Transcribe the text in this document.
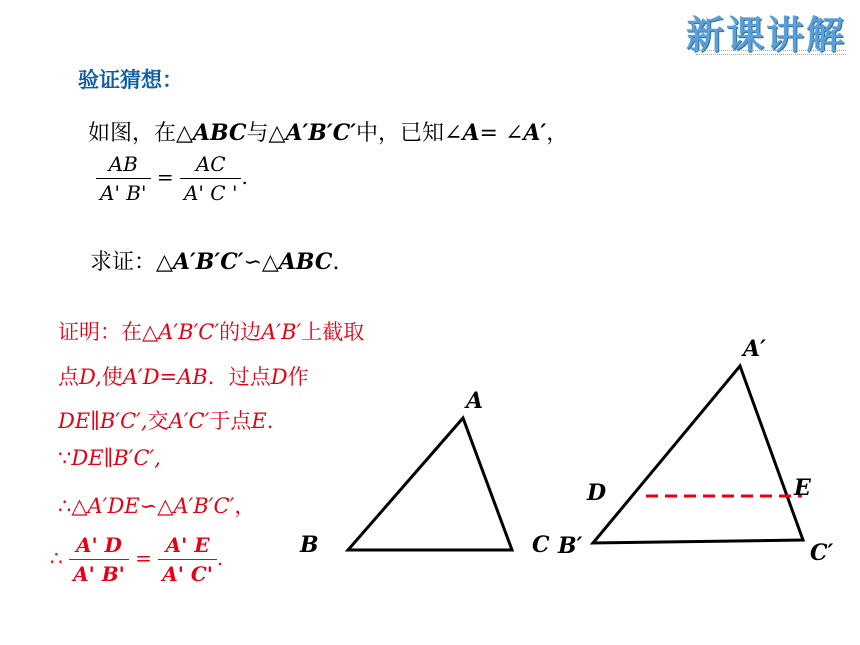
新课讲解
验证猜想：
如图，在△ABC与△A′B′C′中，已知∠A= ∠A′，
$\frac{AB}{A' B'} = \frac{AC}{A' C '}$ .
求证：△A′B′C′∽△ABC.
证明：在△A′B′C′的边A′B′上截取
点D,使A′D=AB．过点D作
DE∥B′C′,交A′C′于点E.
∵DE∥B′C′,
∴△A′DE∽△A′B′C′，
∴ $\frac{A' D}{A' B'} = \frac{A' E}{A' C'}$ .
A
B	C
A′
B′	C′
D	E
